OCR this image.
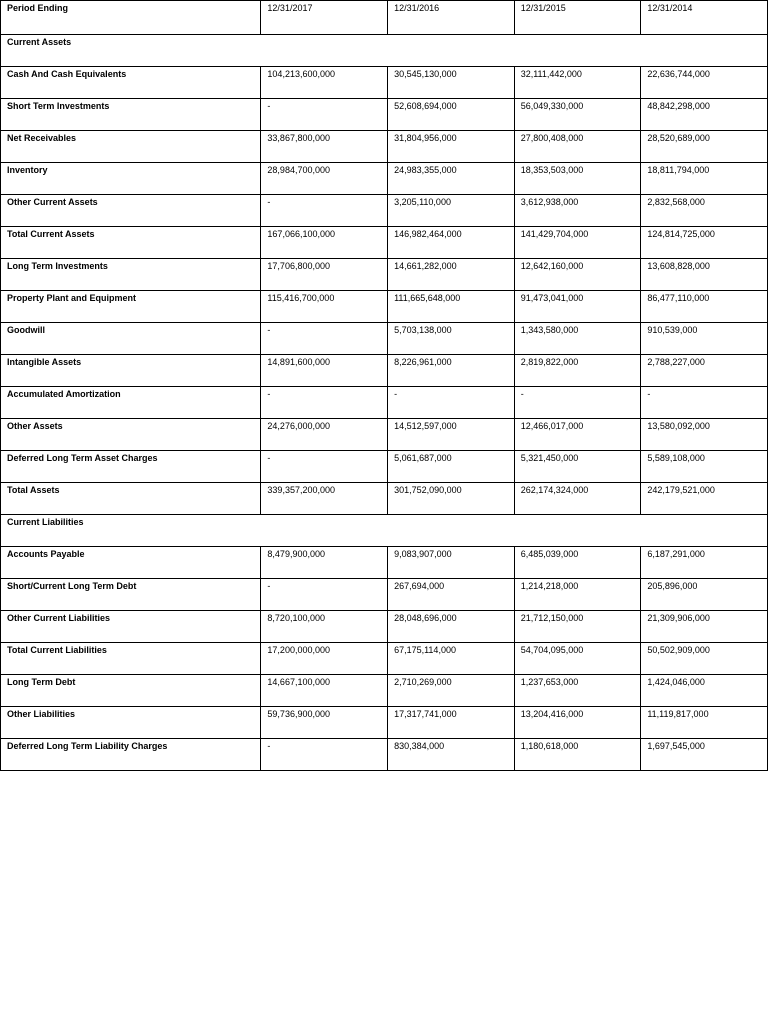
Period Ending	12/31/2017	12/31/2016	12/31/2015	12/31/2014
Current Assets				
Cash And Cash Equivalents	104,213,600,000	30,545,130,000	32,111,442,000	22,636,744,000
Short Term Investments	-	52,608,694,000	56,049,330,000	48,842,298,000
Net Receivables	33,867,800,000	31,804,956,000	27,800,408,000	28,520,689,000
Inventory	28,984,700,000	24,983,355,000	18,353,503,000	18,811,794,000
Other Current Assets	-	3,205,110,000	3,612,938,000	2,832,568,000
Total Current Assets	167,066,100,000	146,982,464,000	141,429,704,000	124,814,725,000
Long Term Investments	17,706,800,000	14,661,282,000	12,642,160,000	13,608,828,000
Property Plant and Equipment	115,416,700,000	111,665,648,000	91,473,041,000	86,477,110,000
Goodwill	-	5,703,138,000	1,343,580,000	910,539,000
Intangible Assets	14,891,600,000	8,226,961,000	2,819,822,000	2,788,227,000
Accumulated Amortization	-	-	-	-
Other Assets	24,276,000,000	14,512,597,000	12,466,017,000	13,580,092,000
Deferred Long Term Asset Charges	-	5,061,687,000	5,321,450,000	5,589,108,000
Total Assets	339,357,200,000	301,752,090,000	262,174,324,000	242,179,521,000
Current Liabilities				
Accounts Payable	8,479,900,000	9,083,907,000	6,485,039,000	6,187,291,000
Short/Current Long Term Debt	-	267,694,000	1,214,218,000	205,896,000
Other Current Liabilities	8,720,100,000	28,048,696,000	21,712,150,000	21,309,906,000
Total Current Liabilities	17,200,000,000	67,175,114,000	54,704,095,000	50,502,909,000
Long Term Debt	14,667,100,000	2,710,269,000	1,237,653,000	1,424,046,000
Other Liabilities	59,736,900,000	17,317,741,000	13,204,416,000	11,119,817,000
Deferred Long Term Liability Charges	-	830,384,000	1,180,618,000	1,697,545,000
